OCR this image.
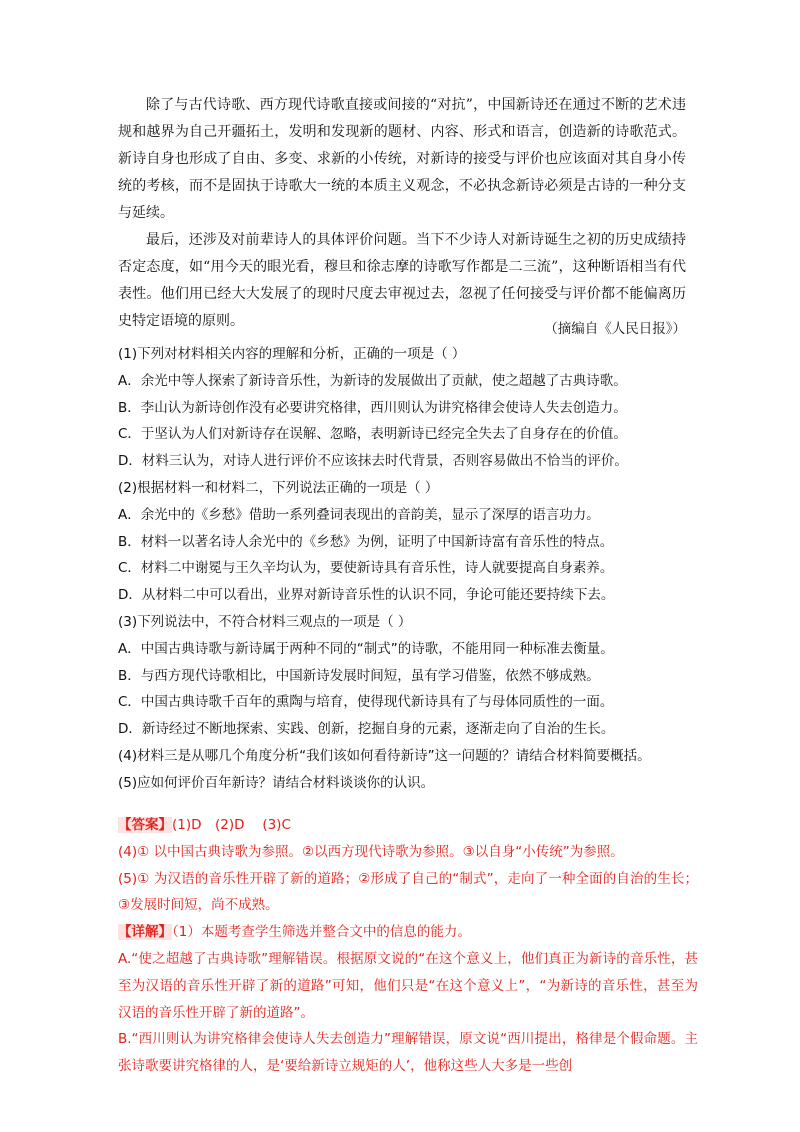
除了与古代诗歌、西方现代诗歌直接或间接的“对抗”，中国新诗还在通过不断的艺术违规和越界为自己开疆拓土，发明和发现新的题材、内容、形式和语言，创造新的诗歌范式。新诗自身也形成了自由、多变、求新的小传统，对新诗的接受与评价也应该面对其自身小传统的考核，而不是固执于诗歌大一统的本质主义观念，不必执念新诗必须是古诗的一种分支与延续。

最后，还涉及对前辈诗人的具体评价问题。当下不少诗人对新诗诞生之初的历史成绩持否定态度，如“用今天的眼光看，穆旦和徐志摩的诗歌写作都是二三流”，这种断语相当有代表性。他们用已经大大发展了的现时尺度去审视过去，忽视了任何接受与评价都不能偏离历史特定语境的原则。	（摘编自《人民日报》）
(1)下列对材料相关内容的理解和分析，正确的一项是（ ）
A．余光中等人探索了新诗音乐性，为新诗的发展做出了贡献，使之超越了古典诗歌。
B．李山认为新诗创作没有必要讲究格律，西川则认为讲究格律会使诗人失去创造力。
C．于坚认为人们对新诗存在误解、忽略，表明新诗已经完全失去了自身存在的价值。
D．材料三认为，对诗人进行评价不应该抹去时代背景，否则容易做出不恰当的评价。
(2)根据材料一和材料二，下列说法正确的一项是（ ）
A．余光中的《乡愁》借助一系列叠词表现出的音韵美，显示了深厚的语言功力。
B．材料一以著名诗人余光中的《乡愁》为例，证明了中国新诗富有音乐性的特点。
C．材料二中谢冕与王久辛均认为，要使新诗具有音乐性，诗人就要提高自身素养。
D．从材料二中可以看出，业界对新诗音乐性的认识不同，争论可能还要持续下去。
(3)下列说法中，不符合材料三观点的一项是（ ）
A．中国古典诗歌与新诗属于两种不同的“制式”的诗歌，不能用同一种标准去衡量。
B．与西方现代诗歌相比，中国新诗发展时间短，虽有学习借鉴，依然不够成熟。
C．中国古典诗歌千百年的熏陶与培育，使得现代新诗具有了与母体同质性的一面。
D．新诗经过不断地探索、实践、创新，挖掘自身的元素，逐渐走向了自治的生长。
(4)材料三是从哪几个角度分析“我们该如何看待新诗”这一问题的？请结合材料简要概括。
(5)应如何评价百年新诗？请结合材料谈谈你的认识。
【答案】(1)D　(2)D　 (3)C
(4)① 以中国古典诗歌为参照。②以西方现代诗歌为参照。③以自身“小传统”为参照。
(5)① 为汉语的音乐性开辟了新的道路；②形成了自己的“制式”，走向了一种全面的自治的生长；③发展时间短，尚不成熟。
【详解】（1）本题考查学生筛选并整合文中的信息的能力。
A.“使之超越了古典诗歌”理解错误。根据原文说的“在这个意义上，他们真正为新诗的音乐性，甚至为汉语的音乐性开辟了新的道路”可知，他们只是“在这个意义上”，“为新诗的音乐性，甚至为汉语的音乐性开辟了新的道路”。
B.“西川则认为讲究格律会使诗人失去创造力”理解错误，原文说“西川提出，格律是个假命题。主张诗歌要讲究格律的人，是‘要给新诗立规矩的人’，他称这些人大多是一些创
